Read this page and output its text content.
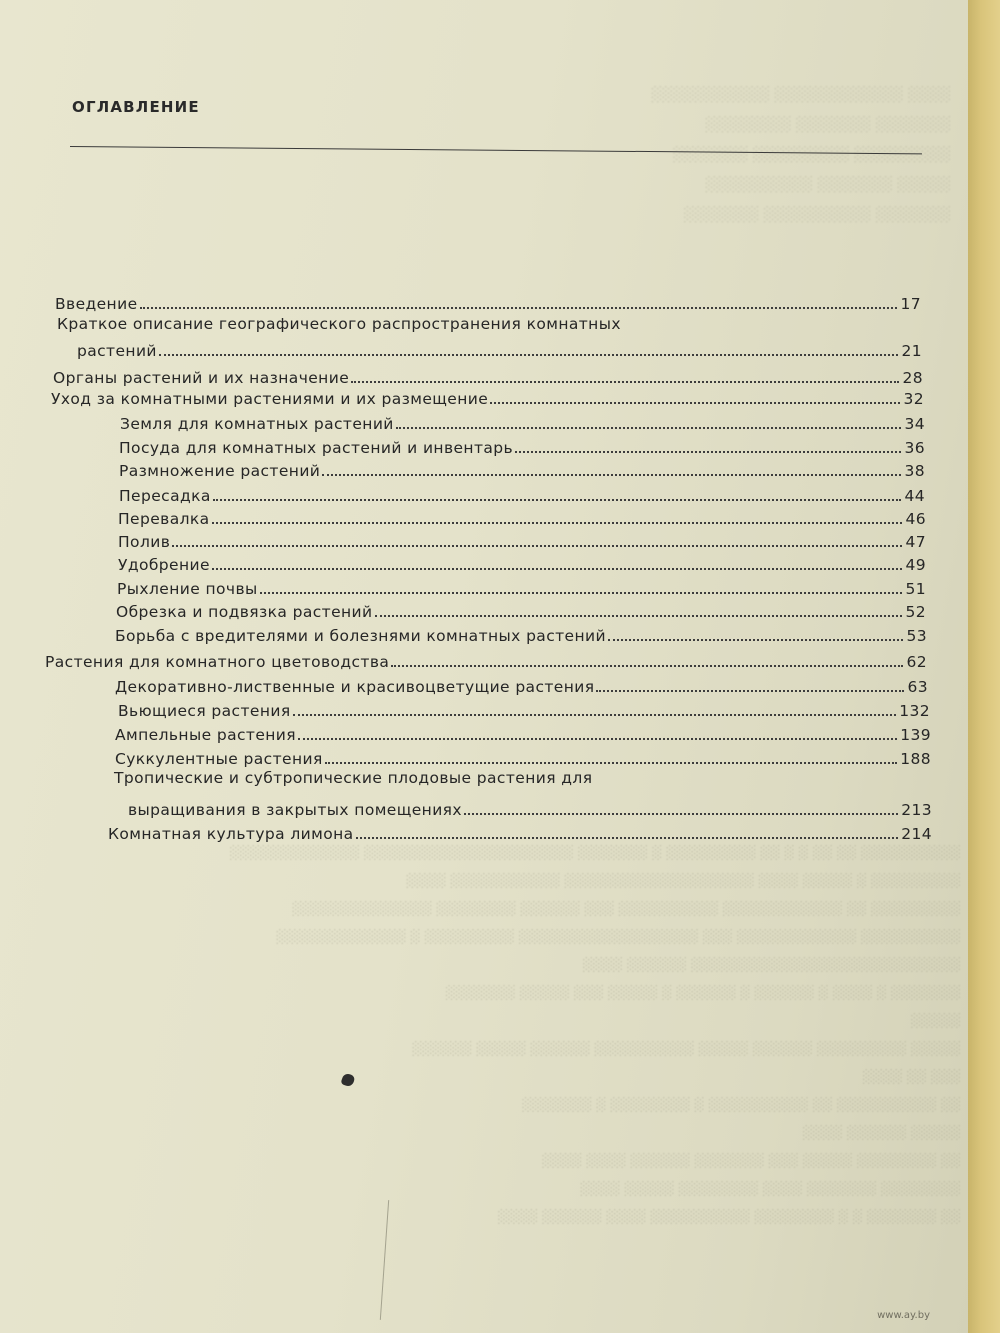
░░░░ ░░░░░░░░░░░░ ░░░░░░░░░░░
░░░░░░░ ░░░░░░░ ░░░░░░░░
░░░░░░░░░ ░░░░░░░░░ ░░░░░░░
░░░░░ ░░░░░░░ ░░░░░░░░░░
░░░░░░░ ░░░░░░░░░░ ░░░░░░░
░░░░░░░░░░ ░░ ░░ ░ ░ ░░ ░░░░░░░░░ ░ ░░░░░░░ ░░░░░░░░░░░░░░░░░░░░░ ░░░░░░░░░░░░░
░░░░░░░░░ ░ ░░░░░ ░░░░ ░░░░░░░░░░░░░░░░░░░ ░░░░░░░░░░░ ░░░░
░░░░░░░░░ ░░ ░░░░░░░░░░░░ ░░░░░░░░░░ ░░░ ░░░░░░ ░░░░░░░░ ░░░░░░░░░░░░░░
░░░░░░░░░░ ░░░░░░░░░░░░ ░░░ ░░░░░░░░░░░░░░░░░░ ░░░░░░░░░ ░ ░░░░░░░░░░░░░
░░░░░░░░░░░░░░░░░░░░░░░░░░░ ░░░░░░ ░░░░
░░░░░░░ ░ ░░░░ ░ ░░░░░░ ░ ░░░░░░ ░ ░░░░░ ░░░ ░░░░░ ░░░░░░░
░░░░░
░░░░░ ░░░░░░░░░ ░░░░░░ ░░░░░ ░░░░░░░░░░ ░░░░░░ ░░░░░ ░░░░░░
░░░ ░░ ░░░░
░░ ░░░░░░░░░░ ░░ ░░░░░░░░░░ ░ ░░░░░░░░ ░ ░░░░░░░
░░░░░ ░░░░░░ ░░░░
░░ ░░░░░░░░ ░░░░░ ░░░ ░░░░░░░ ░░░░░░ ░░░░ ░░░░
░░░░░░░░ ░░░░░░░ ░░░░ ░░░░░░░░ ░░░░░ ░░░░
░░ ░░░░░░░ ░ ░ ░░░░░░░░ ░░░░░░░░░░ ░░░░ ░░░░░░ ░░░░
ОГЛАВЛЕНИЕ
Введение	17
Краткое описание географического распространения комнатных
растений	21
Органы растений и их назначение	28
Уход за комнатными растениями и их размещение	32
Земля для комнатных растений	34
Посуда для комнатных растений и инвентарь	36
Размножение растений	38
Пересадка	44
Перевалка	46
Полив	47
Удобрение	49
Рыхление почвы	51
Обрезка и подвязка растений	52
Борьба с вредителями и болезнями комнатных растений	53
Растения для комнатного цветоводства	62
Декоративно-лиственные и красивоцветущие растения	63
Вьющиеся растения	132
Ампельные растения	139
Суккулентные растения	188
Тропические и субтропические плодовые растения для
выращивания в закрытых помещениях	213
Комнатная культура лимона	214
www.ay.by
